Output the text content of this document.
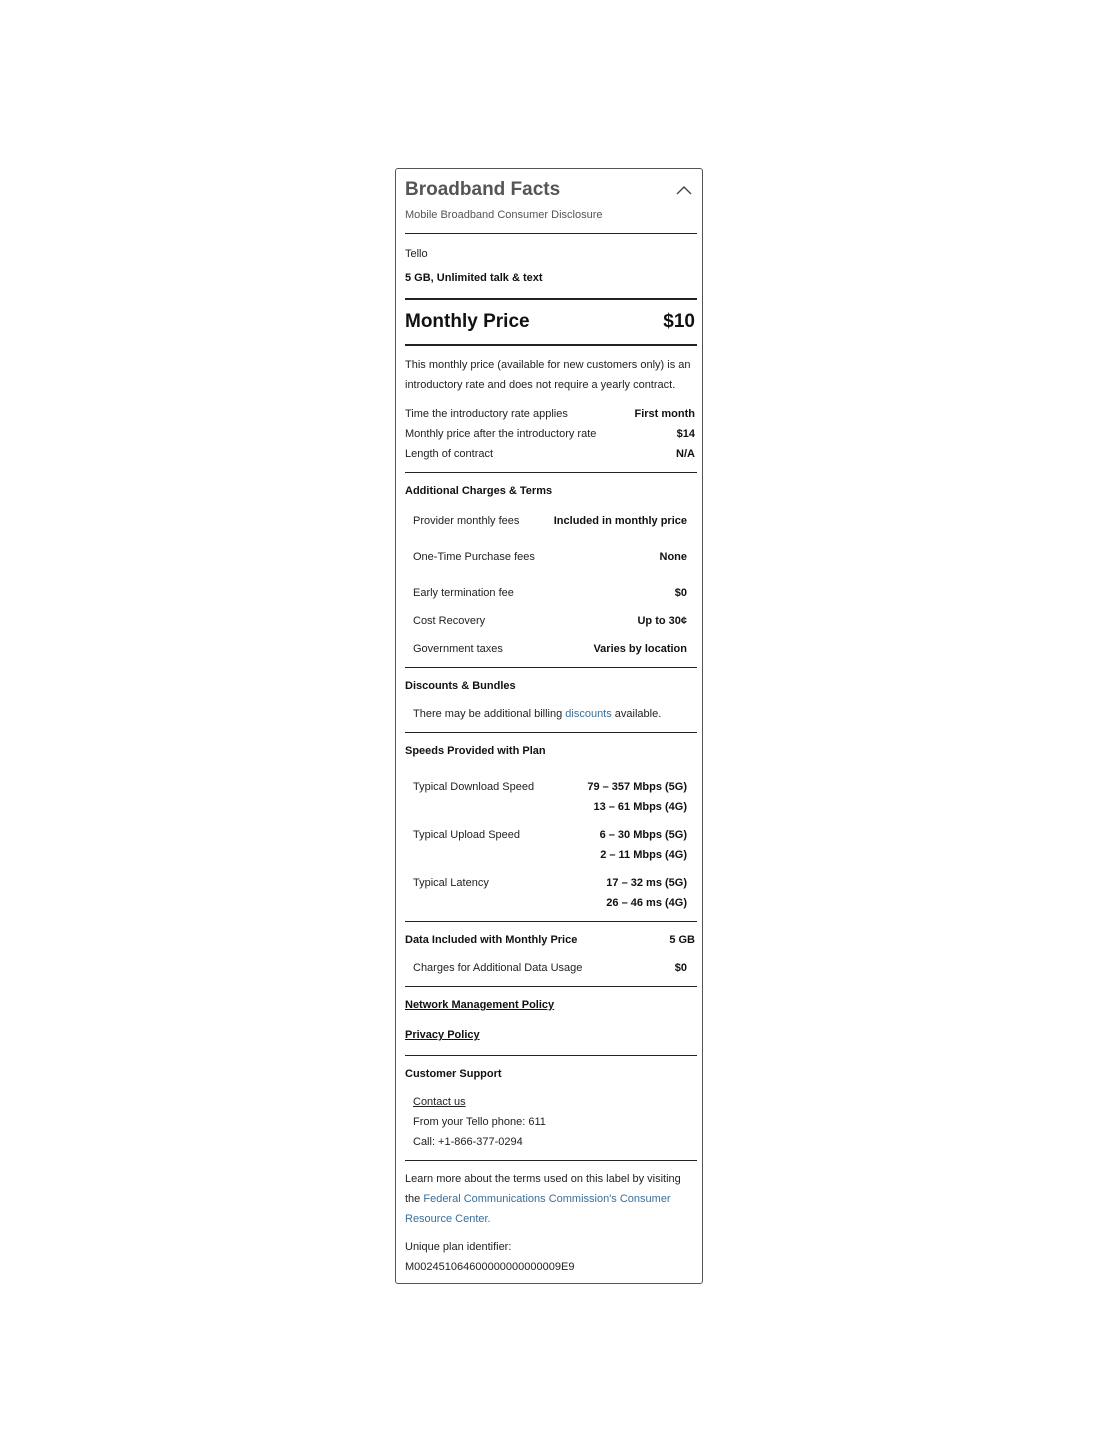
Broadband Facts
Mobile Broadband Consumer Disclosure
Tello
5 GB, Unlimited talk & text
Monthly Price	$10
This monthly price (available for new customers only) is an introductory rate and does not require a yearly contract.
Time the introductory rate applies	First month
Monthly price after the introductory rate	$14
Length of contract	N/A
Additional Charges & Terms
Provider monthly fees	Included in monthly price
One-Time Purchase fees	None
Early termination fee	$0
Cost Recovery	Up to 30¢
Government taxes	Varies by location
Discounts & Bundles
There may be additional billing discounts available.
Speeds Provided with Plan
Typical Download Speed	79 – 357 Mbps (5G)
13 – 61 Mbps (4G)
Typical Upload Speed	6 – 30 Mbps (5G)
2 – 11 Mbps (4G)
Typical Latency	17 – 32 ms (5G)
26 – 46 ms (4G)
Data Included with Monthly Price	5 GB
Charges for Additional Data Usage	$0
Network Management Policy
Privacy Policy
Customer Support
Contact us
From your Tello phone: 611
Call: +1-866-377-0294
Learn more about the terms used on this label by visiting the Federal Communications Commission's Consumer Resource Center.
Unique plan identifier:
M002451064600000000000009E9
